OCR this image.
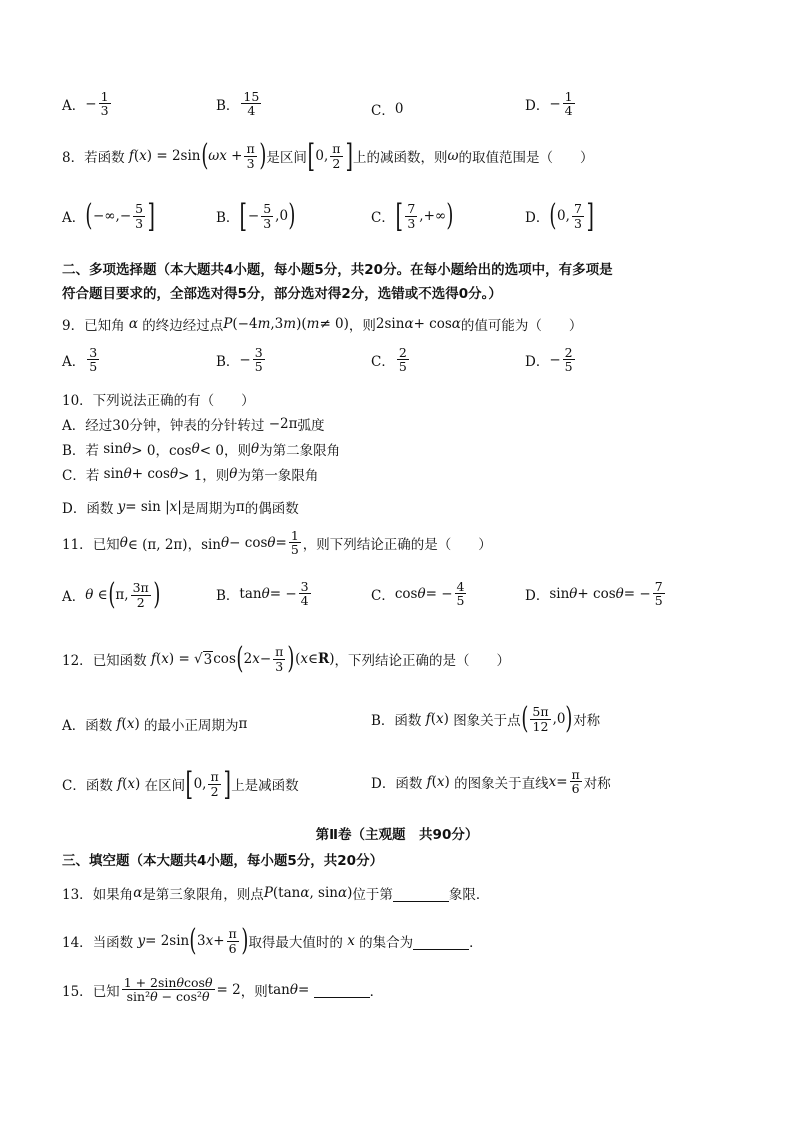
A． − $\frac{1}{3}$	B． $\frac{15}{4}$	C． 0	D． − $\frac{1}{4}$
8． 若函数 f ( x ) = 2sin ( ω $x + \frac{\pi}{3}$ ) 是区间 [ 0, $\frac{\pi}{2}$ ] 上的减函数，则 ω 的取值范围是（　　）
A． ( −∞,− $\frac{5}{3}$ ]	B． [ − $\frac{5}{3} ,0$ )	C． [ $\frac{7}{3}$ ,+∞ )	D． ( 0, $\frac{7}{3}$ ]
二、多项选择题（本大题共4小题，每小题5分，共20分。在每小题给出的选项中，有多项是
符合题目要求的，全部选对得5分，部分选对得2分，选错或不选得0分。）
9． 已知角 α 的终边经过点 P (−4 m ,3 m )( m ≠ 0) ，则 2sin α + cos α 的值可能为（　　）
A． $\frac{3}{5}$	B． − $\frac{3}{5}$	C． $\frac{2}{5}$	D． − $\frac{2}{5}$
10．下列说法正确的有（　　）
A．经过30分钟，钟表的分针转过 −2π 弧度
B．若 sin θ > 0，cos θ < 0，则 θ 为第二象限角
C．若 sin θ + cos θ > 1，则 θ 为第一象限角
D．函数
y = sin | x | 是周期为 π 的偶函数
11． 已知 θ ∈ (π, 2π)，$\sin \theta - \cos \theta = \frac{1}{5}$ ，则下列结论正确的是（　　）
A． θ ∈ ( π, $\frac{3\pi}{2}$ )	B． tan θ = − $\frac{3}{4}$	C． cos θ = − $\frac{4}{5}$	D． sin θ + cos θ = − $\frac{7}{5}$
12． 已知函数 f ( x ) = √ 3 cos ( 2 $x - \frac{\pi}{3}$ ) ( x ∈ R ) ，下列结论正确的是（　　）
A．函数
f ( x ) 的最小正周期为 π	B．函数
f ( x ) 图象关于点 ( $\frac{5\pi}{12} ,0$ ) 对称
C．函数
f ( x ) 在区间 [ 0, $\frac{\pi}{2}$ ] 上是减函数	D．函数
f ( x ) 的图象关于直线 $x = \frac{\pi}{6}$ 对称
第Ⅱ卷（主观题　共90分）
三、填空题（本大题共4小题，每小题5分，共20分）
13． 如果角 α 是第三象限角，则点 P (tan α , sin α ) 位于第
	象限．
14． 当函数 y = 2sin ( 3 $x + \frac{\pi}{6}$ ) 取得最大值时的 x 的集合为
	．
15． 已知 $\frac{1 + 2\sin\theta\cos\theta}{\text{sin²θ − cos²θ}} = 2$ ，则 tan θ =
	．
